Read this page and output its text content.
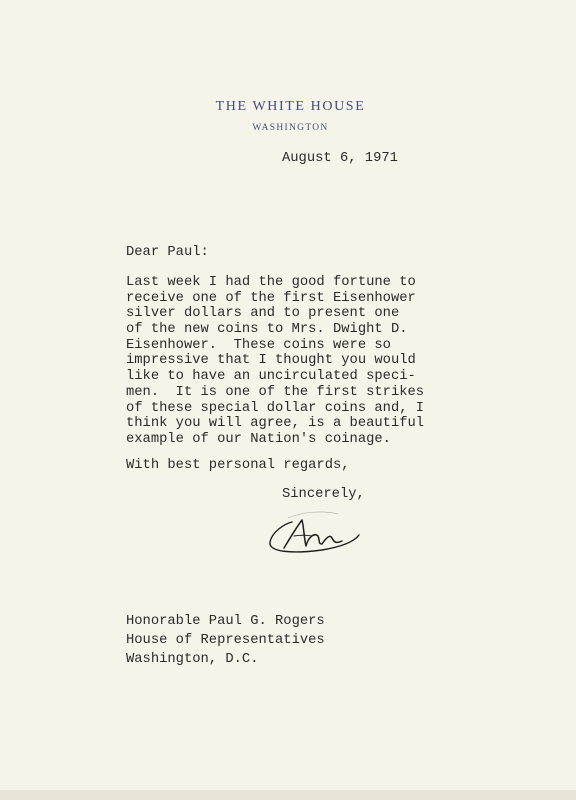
THE WHITE HOUSE
WASHINGTON
August 6, 1971
Dear Paul:
Last week I had the good fortune to
receive one of the first Eisenhower
silver dollars and to present one
of the new coins to Mrs. Dwight D.
Eisenhower.  These coins were so
impressive that I thought you would
like to have an uncirculated speci-
men.  It is one of the first strikes
of these special dollar coins and, I
think you will agree, is a beautiful
example of our Nation's coinage.
With best personal regards,
Sincerely,
Honorable Paul G. Rogers
House of Representatives
Washington, D.C.
